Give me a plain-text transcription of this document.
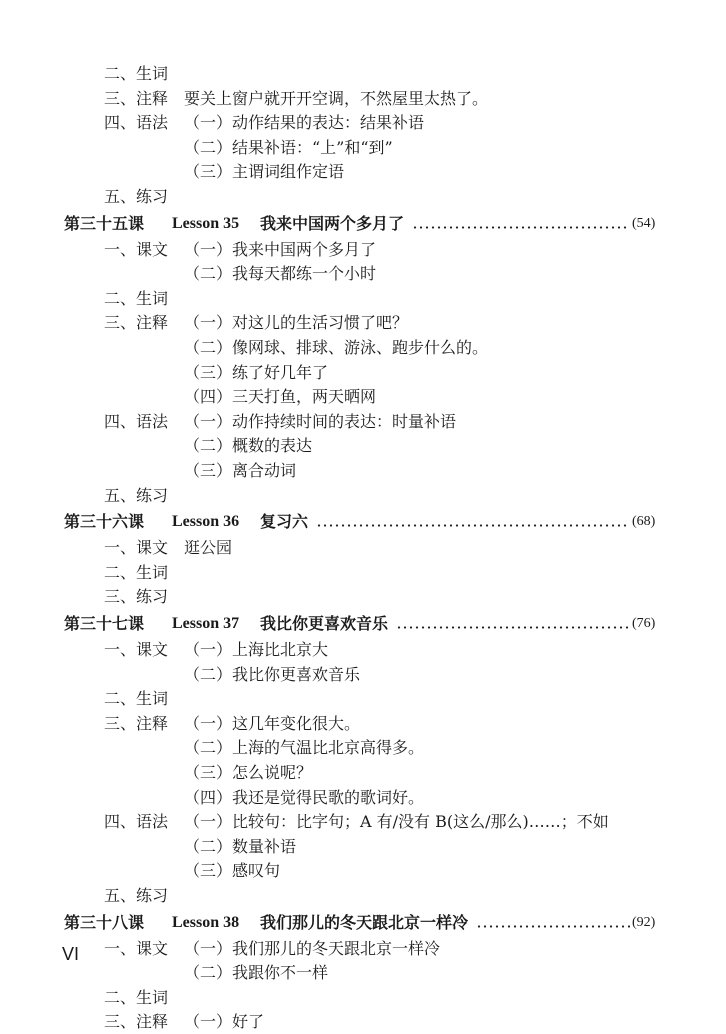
二、生词
三、注释 要关上窗户就开开空调，不然屋里太热了。
四、语法 （一）动作结果的表达：结果补语
（二）结果补语：“上”和“到”
（三）主谓词组作定语
五、练习
第三十五课 Lesson 35 我来中国两个多月了	(54)
一、课文 （一）我来中国两个多月了
（二）我每天都练一个小时
二、生词
三、注释 （一）对这儿的生活习惯了吧？
（二）像网球、排球、游泳、跑步什么的。
（三）练了好几年了
（四）三天打鱼，两天晒网
四、语法 （一）动作持续时间的表达：时量补语
（二）概数的表达
（三）离合动词
五、练习
第三十六课 Lesson 36 复习六	(68)
一、课文 逛公园
二、生词
三、练习
第三十七课 Lesson 37 我比你更喜欢音乐	(76)
一、课文 （一）上海比北京大
（二）我比你更喜欢音乐
二、生词
三、注释 （一）这几年变化很大。
（二）上海的气温比北京高得多。
（三）怎么说呢？
（四）我还是觉得民歌的歌词好。
四、语法 （一）比较句：比字句；A 有/没有 B(这么/那么)……；不如
（二）数量补语
（三）感叹句
五、练习
第三十八课 Lesson 38 我们那儿的冬天跟北京一样冷	(92)
一、课文 （一）我们那儿的冬天跟北京一样冷
（二）我跟你不一样
二、生词
三、注释 （一）好了
VI
